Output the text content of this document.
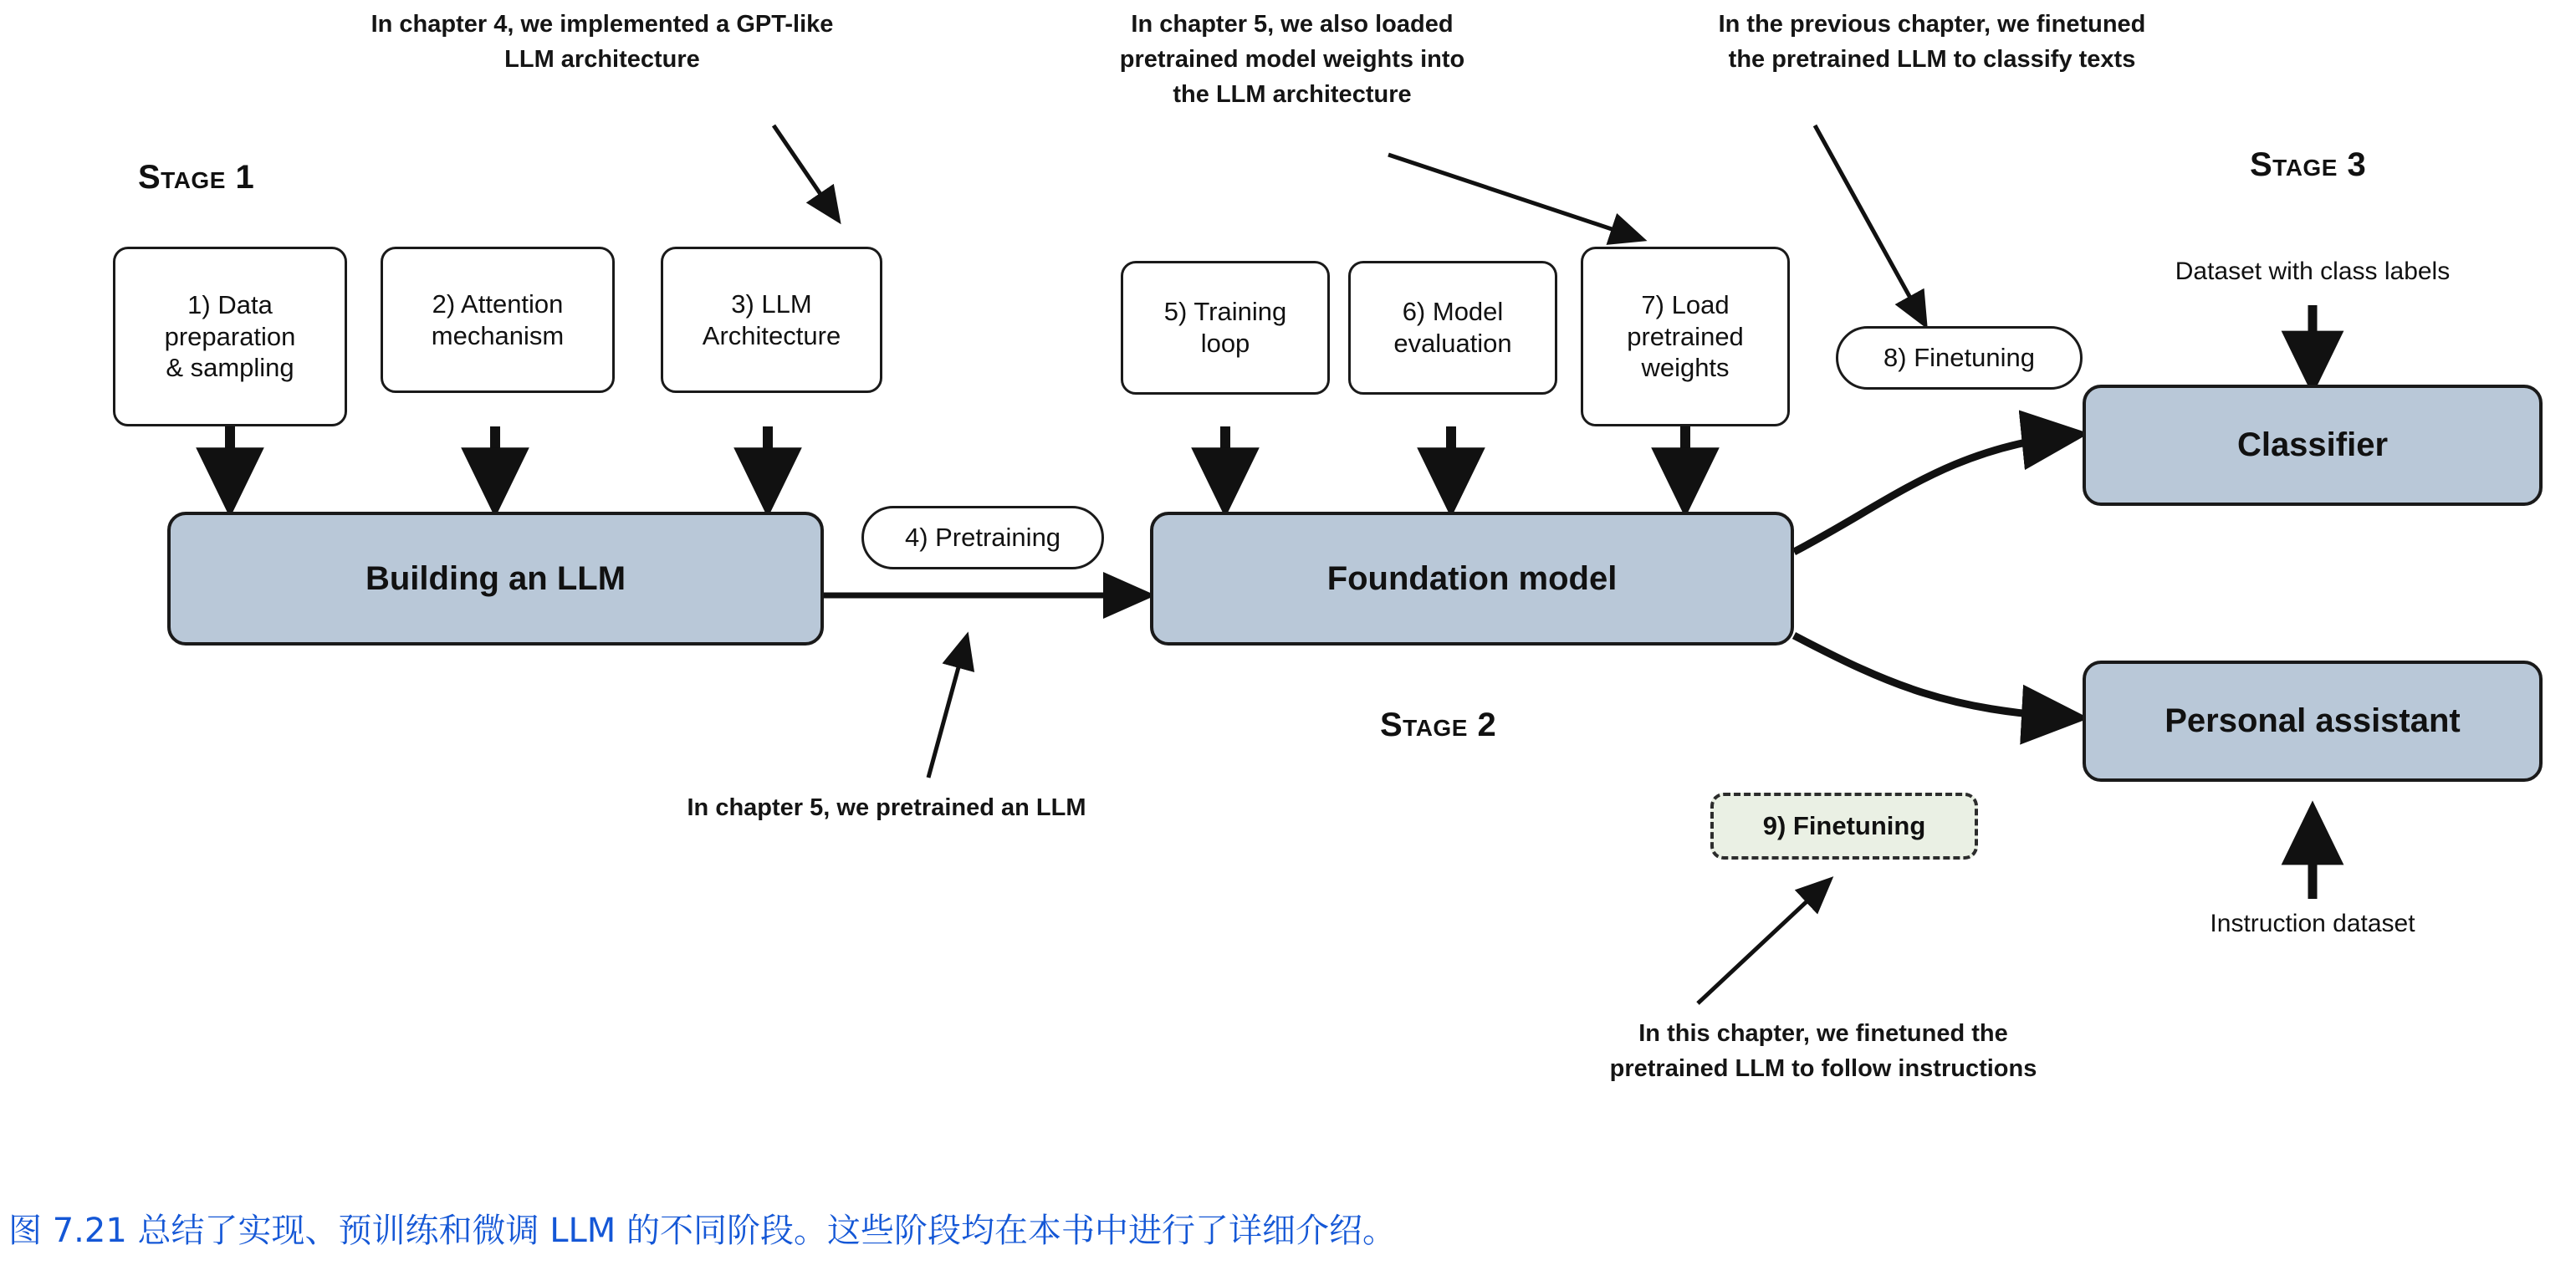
In chapter 4, we implemented a GPT-like
LLM architecture
In chapter 5, we also loaded
pretrained model weights into
the LLM architecture
In the previous chapter, we finetuned
the pretrained LLM to classify texts
In chapter 5, we pretrained an LLM
In this chapter, we finetuned the
pretrained LLM to follow instructions
Stage 1
Stage 2
Stage 3
1) Data
preparation
& sampling
2) Attention
mechanism
3) LLM
Architecture
5) Training
loop
6) Model
evaluation
7) Load
pretrained
weights
4) Pretraining
8) Finetuning
9) Finetuning
Building an LLM	Foundation model
Classifier
Personal assistant
Dataset with class labels
Instruction dataset
图 7.21 总结了实现、预训练和微调 LLM 的不同阶段。这些阶段均在本书中进行了详细介绍。
